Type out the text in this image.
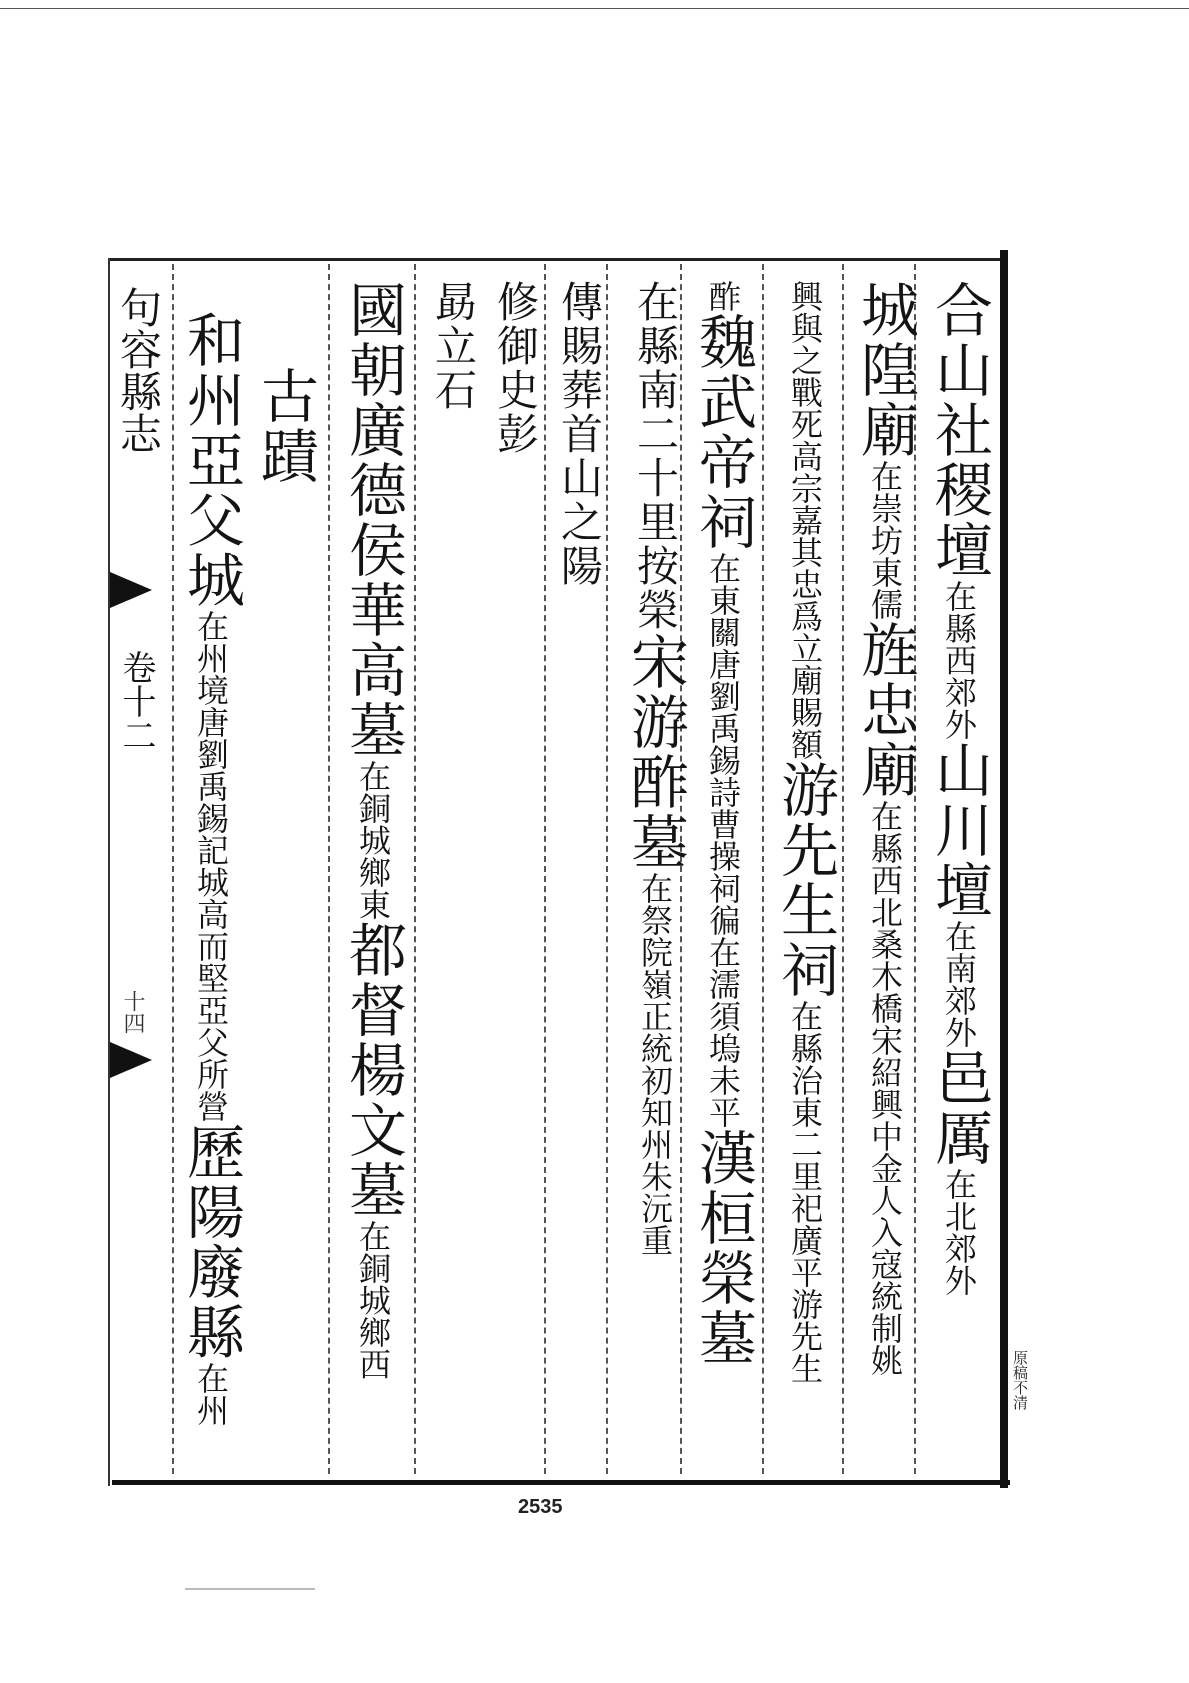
句容縣志
卷十二
十四
合山社稷壇在縣西郊外山川壇在南郊外邑厲在北郊外
城隍廟在崇坊東儒旌忠廟在縣西北桑木橋宋紹興中金人入寇統制姚
興與之戰死高宗嘉其忠爲立廟賜額游先生祠在縣治東二里祀廣平游先生
酢魏武帝祠在東關唐劉禹錫詩曹操祠徧在濡須塢未平漢桓榮墓
在縣南二十里按榮宋游酢墓在祭院嶺正統初知州朱沅重
傳賜葬首山之陽
修御史彭
勗立石
國朝廣德侯華高墓在銅城鄉東都督楊文墓在銅城鄉西
古蹟
和州亞父城在州境唐劉禹錫記城高而堅亞父所營歷陽廢縣在州	原稿不清
2535
